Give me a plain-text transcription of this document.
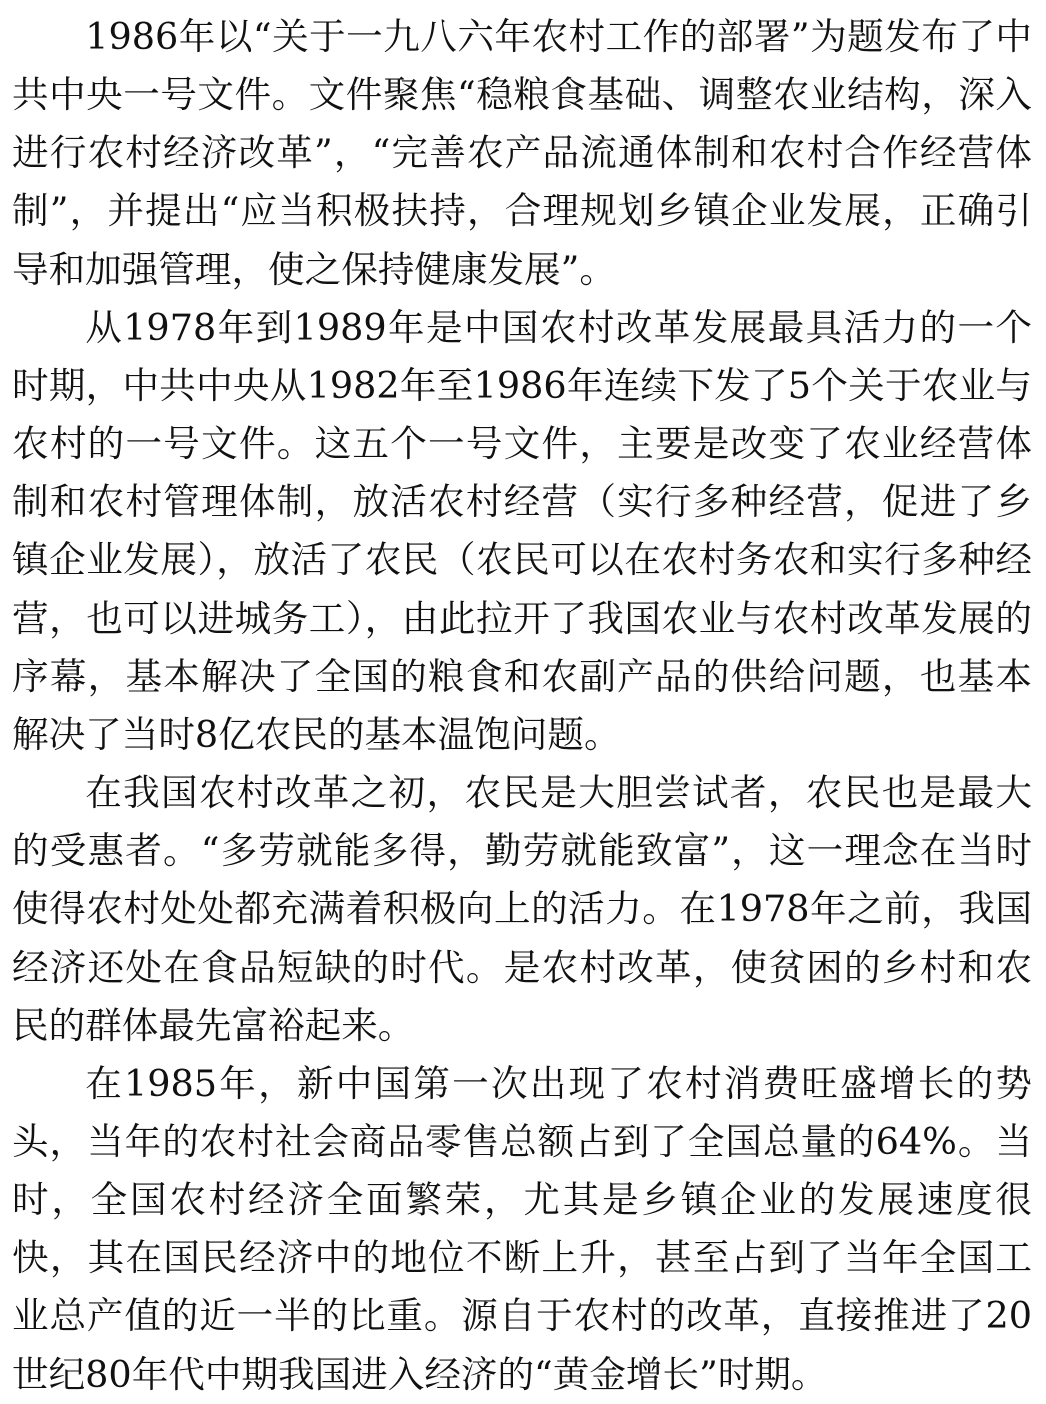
1986年以“关于一九八六年农村工作的部署”为题发布了中共中央一号文件。文件聚焦“稳粮食基础、调整农业结构，深入进行农村经济改革”，“完善农产品流通体制和农村合作经营体制”，并提出“应当积极扶持，合理规划乡镇企业发展，正确引导和加强管理，使之保持健康发展”。

从1978年到1989年是中国农村改革发展最具活力的一个时期，中共中央从1982年至1986年连续下发了5个关于农业与农村的一号文件。这五个一号文件，主要是改变了农业经营体制和农村管理体制，放活农村经营（实行多种经营，促进了乡镇企业发展），放活了农民（农民可以在农村务农和实行多种经营，也可以进城务工），由此拉开了我国农业与农村改革发展的序幕，基本解决了全国的粮食和农副产品的供给问题，也基本解决了当时8亿农民的基本温饱问题。

在我国农村改革之初，农民是大胆尝试者，农民也是最大的受惠者。“多劳就能多得，勤劳就能致富”，这一理念在当时使得农村处处都充满着积极向上的活力。在1978年之前，我国经济还处在食品短缺的时代。是农村改革，使贫困的乡村和农民的群体最先富裕起来。

在1985年，新中国第一次出现了农村消费旺盛增长的势头，当年的农村社会商品零售总额占到了全国总量的64%。当时，全国农村经济全面繁荣，尤其是乡镇企业的发展速度很快，其在国民经济中的地位不断上升，甚至占到了当年全国工业总产值的近一半的比重。源自于农村的改革，直接推进了20世纪80年代中期我国进入经济的“黄金增长”时期。
